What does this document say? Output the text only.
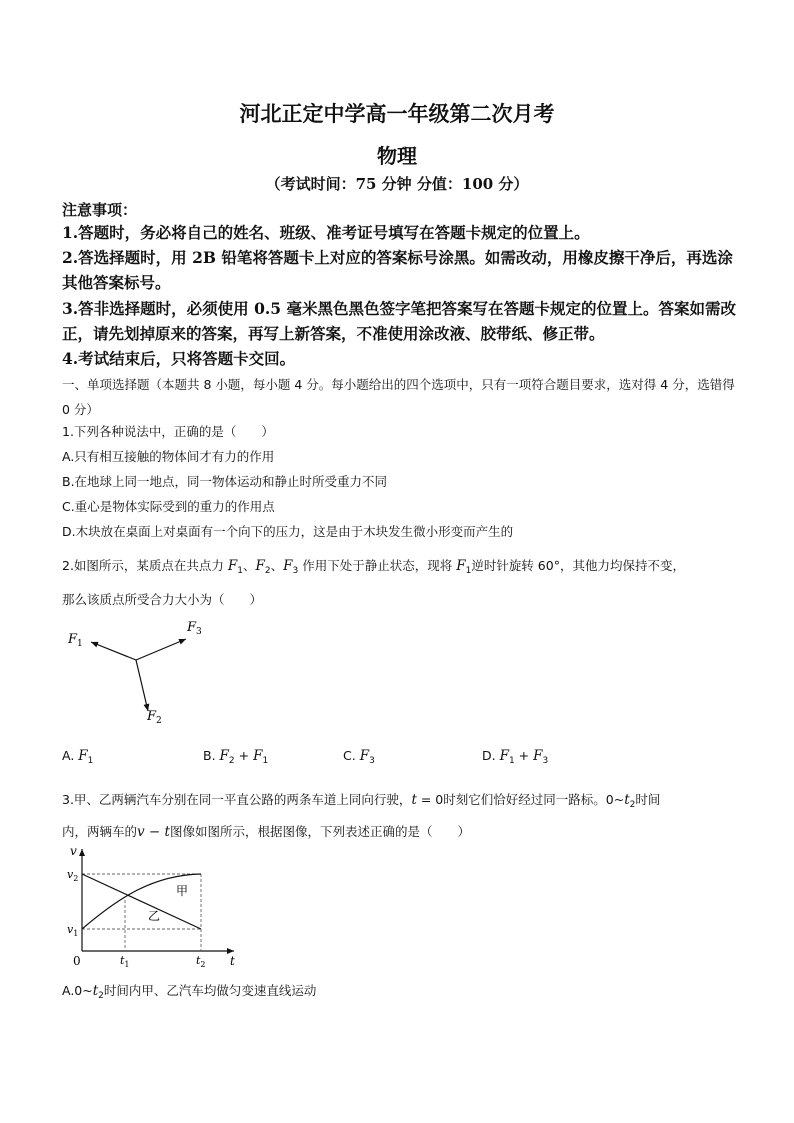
河北正定中学高一年级第二次月考
物理
（考试时间：75 分钟 分值：100 分）
注意事项：
1.答题时，务必将自己的姓名、班级、准考证号填写在答题卡规定的位置上。
2.答选择题时，用 2B 铅笔将答题卡上对应的答案标号涂黑。如需改动，用橡皮擦干净后，再选涂其他答案标号。
3.答非选择题时，必须使用 0.5 毫米黑色黑色签字笔把答案写在答题卡规定的位置上。答案如需改正，请先划掉原来的答案，再写上新答案，不准使用涂改液、胶带纸、修正带。
4.考试结束后，只将答题卡交回。
一、单项选择题（本题共 8 小题，每小题 4 分。每小题给出的四个选项中，只有一项符合题目要求，选对得 4 分，选错得 0 分）
1.下列各种说法中，正确的是（　　）
A.只有相互接触的物体间才有力的作用
B.在地球上同一地点，同一物体运动和静止时所受重力不同
C.重心是物体实际受到的重力的作用点
D.木块放在桌面上对桌面有一个向下的压力，这是由于木块发生微小形变而产生的
2.如图所示，某质点在共点力 $F_1$、$F_2$、$F_3$ 作用下处于静止状态，现将 $F_1$逆时针旋转 60°，其他力均保持不变，
那么该质点所受合力大小为（　　）
$F_1$
$F_3$
$F_2$
A. $F_1$	B. $F_2 + F_1$	C. $F_3$	D. $F_1 + F_3$
3.甲、乙两辆汽车分别在同一平直公路的两条车道上同向行驶，t = 0时刻它们恰好经过同一路标。$0\sim t_2$时间
内，两辆车的v − t图像如图所示，根据图像，下列表述正确的是（　　）
v
t
0
$v_2$
$v_1$
$t_1$	$t_2$
甲
乙
$A.0\sim t_2$时间内甲、乙汽车均做匀变速直线运动
